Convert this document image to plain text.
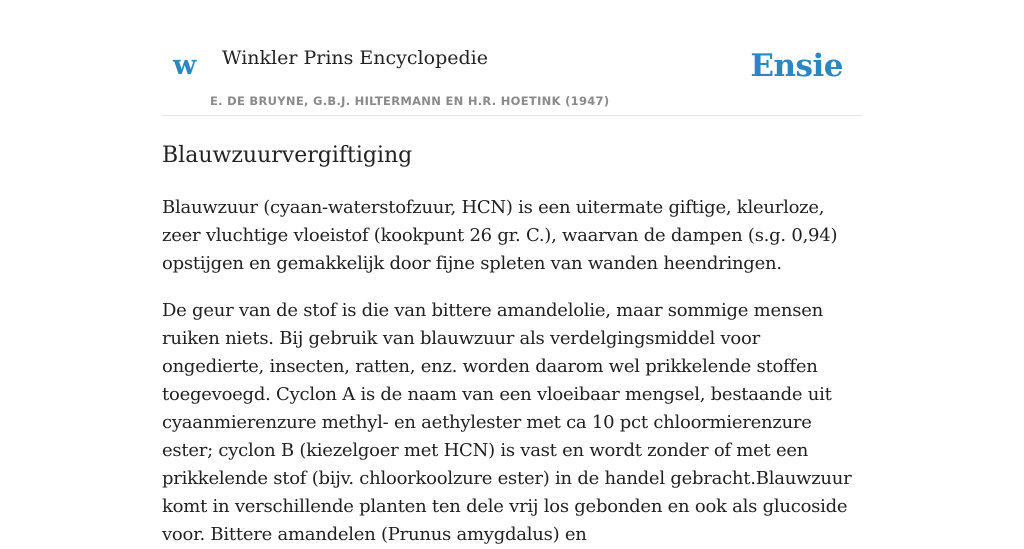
w Winkler Prins Encyclopedie
E. DE BRUYNE, G.B.J. HILTERMANN EN H.R. HOETINK (1947)
Ensie
Blauwzuurvergiftiging

Blauwzuur (cyaan-waterstofzuur, HCN) is een uitermate giftige, kleurloze, zeer vluchtige vloeistof (kookpunt 26 gr. C.), waarvan de dampen (s.g. 0,94) opstijgen en gemakkelijk door fijne spleten van wanden heendringen.

De geur van de stof is die van bittere amandelolie, maar sommige mensen ruiken niets. Bij gebruik van blauwzuur als verdelgingsmiddel voor ongedierte, insecten, ratten, enz. worden daarom wel prikkelende stoffen toegevoegd. Cyclon A is de naam van een vloeibaar mengsel, bestaande uit cyaanmierenzure methyl- en aethylester met ca 10 pct chloormierenzure ester; cyclon B (kiezelgoer met HCN) is vast en wordt zonder of met een prikkelende stof (bijv. chloorkoolzure ester) in de handel gebracht.Blauwzuur komt in verschillende planten ten dele vrij los gebonden en ook als glucoside voor. Bittere amandelen (Prunus amygdalus) en
